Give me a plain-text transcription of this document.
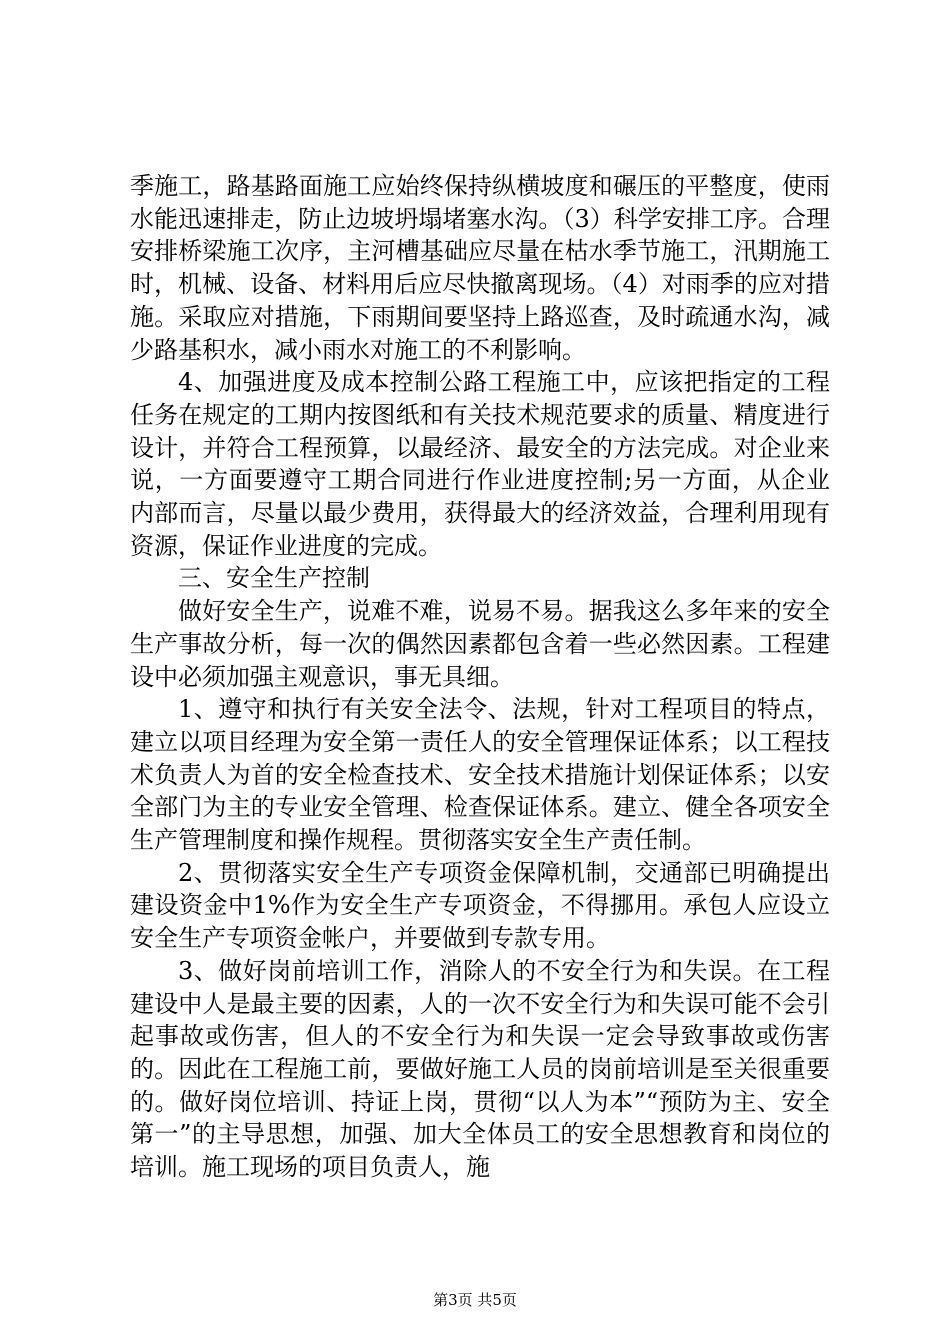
季施工，路基路面施工应始终保持纵横坡度和碾压的平整度，使雨水能迅速排走，防止边坡坍塌堵塞水沟。（3）科学安排工序。合理安排桥梁施工次序，主河槽基础应尽量在枯水季节施工，汛期施工时，机械、设备、材料用后应尽快撤离现场。（4）对雨季的应对措施。采取应对措施，下雨期间要坚持上路巡查，及时疏通水沟，减少路基积水，减小雨水对施工的不利影响。

4、加强进度及成本控制公路工程施工中，应该把指定的工程任务在规定的工期内按图纸和有关技术规范要求的质量、精度进行设计，并符合工程预算，以最经济、最安全的方法完成。对企业来说，一方面要遵守工期合同进行作业进度控制;另一方面，从企业内部而言，尽量以最少费用，获得最大的经济效益，合理利用现有资源，保证作业进度的完成。

三、安全生产控制

做好安全生产，说难不难，说易不易。据我这么多年来的安全生产事故分析，每一次的偶然因素都包含着一些必然因素。工程建设中必须加强主观意识，事无具细。

1、遵守和执行有关安全法令、法规，针对工程项目的特点，建立以项目经理为安全第一责任人的安全管理保证体系；以工程技术负责人为首的安全检查技术、安全技术措施计划保证体系；以安全部门为主的专业安全管理、检查保证体系。建立、健全各项安全生产管理制度和操作规程。贯彻落实安全生产责任制。

2、贯彻落实安全生产专项资金保障机制，交通部已明确提出建设资金中1%作为安全生产专项资金，不得挪用。承包人应设立安全生产专项资金帐户，并要做到专款专用。

3、做好岗前培训工作，消除人的不安全行为和失误。在工程建设中人是最主要的因素，人的一次不安全行为和失误可能不会引起事故或伤害，但人的不安全行为和失误一定会导致事故或伤害的。因此在工程施工前，要做好施工人员的岗前培训是至关很重要的。做好岗位培训、持证上岗，贯彻“以人为本”“预防为主、安全第一”的主导思想，加强、加大全体员工的安全思想教育和岗位的培训。施工现场的项目负责人，施

第3页 共5页
